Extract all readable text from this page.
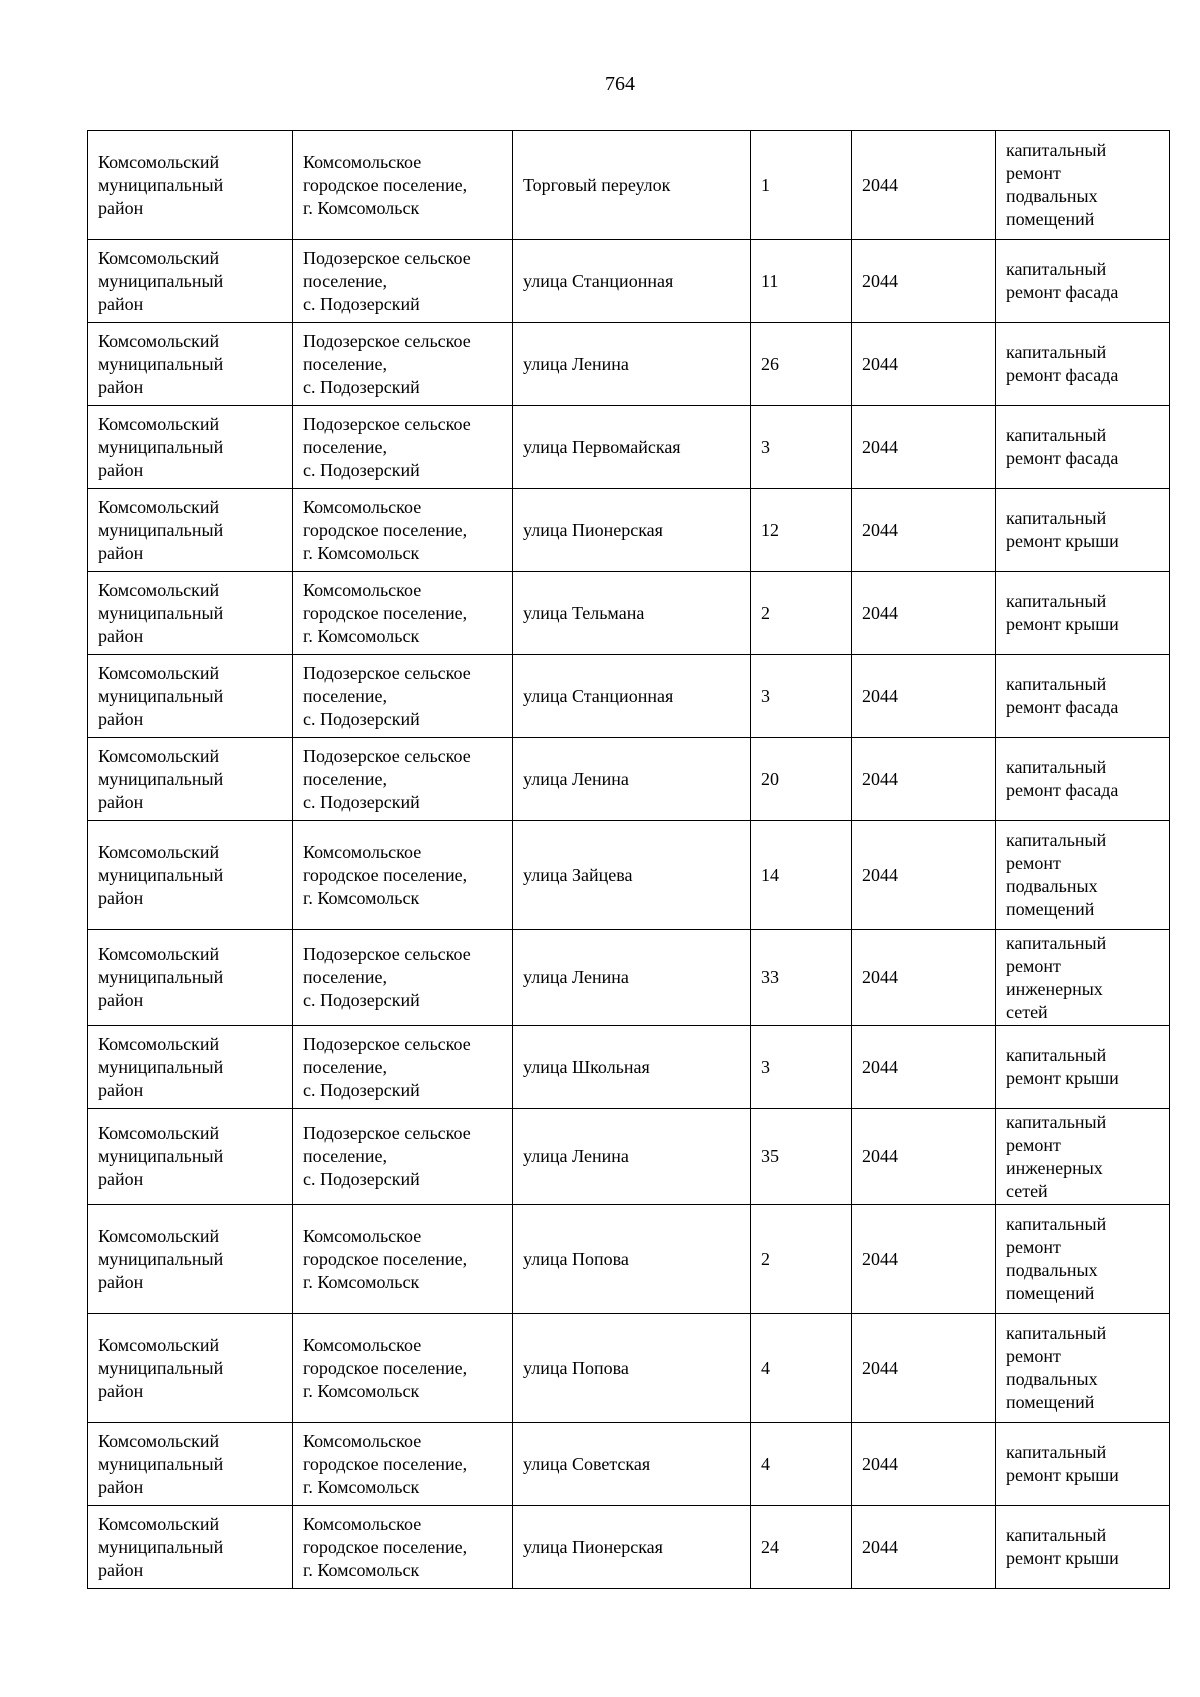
764
Комсомольский
муниципальный
район	Комсомольское
городское поселение,
г. Комсомольск	Торговый переулок	1	2044	капитальный
ремонт
подвальных
помещений
Комсомольский
муниципальный
район	Подозерское сельское
поселение,
с. Подозерский	улица Станционная	11	2044	капитальный
ремонт фасада
Комсомольский
муниципальный
район	Подозерское сельское
поселение,
с. Подозерский	улица Ленина	26	2044	капитальный
ремонт фасада
Комсомольский
муниципальный
район	Подозерское сельское
поселение,
с. Подозерский	улица Первомайская	3	2044	капитальный
ремонт фасада
Комсомольский
муниципальный
район	Комсомольское
городское поселение,
г. Комсомольск	улица Пионерская	12	2044	капитальный
ремонт крыши
Комсомольский
муниципальный
район	Комсомольское
городское поселение,
г. Комсомольск	улица Тельмана	2	2044	капитальный
ремонт крыши
Комсомольский
муниципальный
район	Подозерское сельское
поселение,
с. Подозерский	улица Станционная	3	2044	капитальный
ремонт фасада
Комсомольский
муниципальный
район	Подозерское сельское
поселение,
с. Подозерский	улица Ленина	20	2044	капитальный
ремонт фасада
Комсомольский
муниципальный
район	Комсомольское
городское поселение,
г. Комсомольск	улица Зайцева	14	2044	капитальный
ремонт
подвальных
помещений
Комсомольский
муниципальный
район	Подозерское сельское
поселение,
с. Подозерский	улица Ленина	33	2044	капитальный
ремонт
инженерных
сетей
Комсомольский
муниципальный
район	Подозерское сельское
поселение,
с. Подозерский	улица Школьная	3	2044	капитальный
ремонт крыши
Комсомольский
муниципальный
район	Подозерское сельское
поселение,
с. Подозерский	улица Ленина	35	2044	капитальный
ремонт
инженерных
сетей
Комсомольский
муниципальный
район	Комсомольское
городское поселение,
г. Комсомольск	улица Попова	2	2044	капитальный
ремонт
подвальных
помещений
Комсомольский
муниципальный
район	Комсомольское
городское поселение,
г. Комсомольск	улица Попова	4	2044	капитальный
ремонт
подвальных
помещений
Комсомольский
муниципальный
район	Комсомольское
городское поселение,
г. Комсомольск	улица Советская	4	2044	капитальный
ремонт крыши
Комсомольский
муниципальный
район	Комсомольское
городское поселение,
г. Комсомольск	улица Пионерская	24	2044	капитальный
ремонт крыши
